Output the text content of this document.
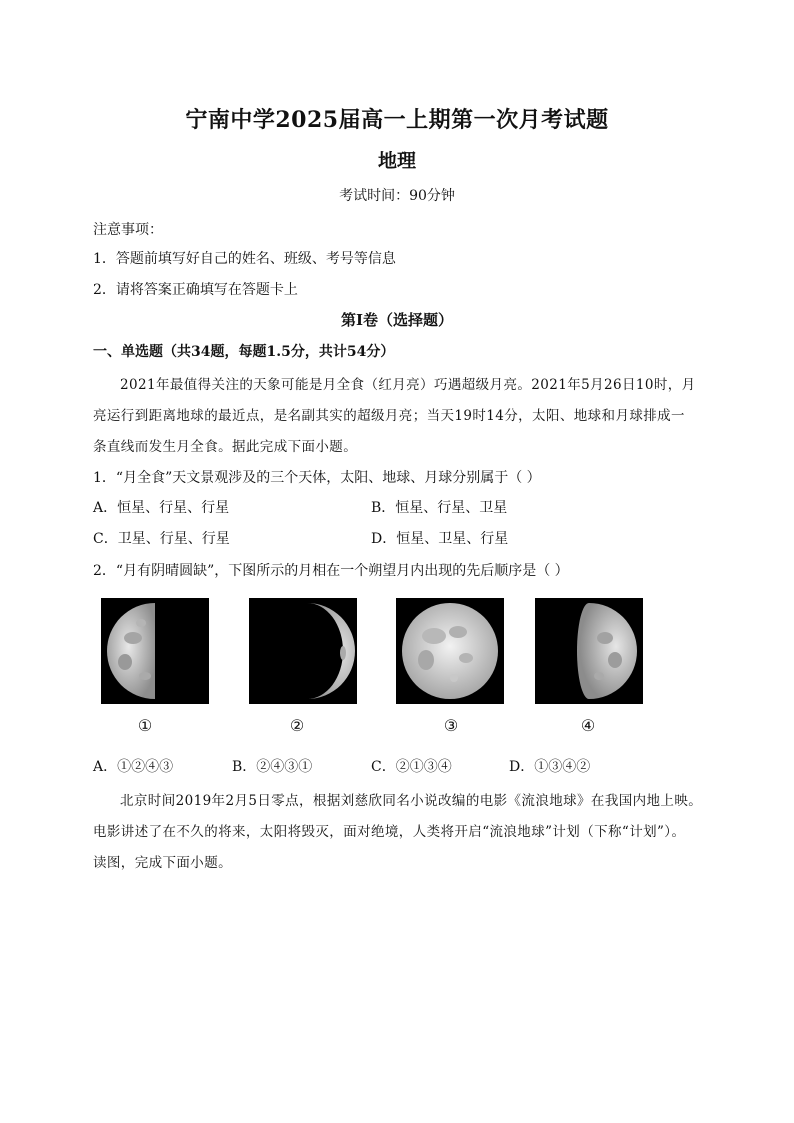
宁南中学2025届高一上期第一次月考试题
地理
考试时间：90分钟
注意事项：
1．答题前填写好自己的姓名、班级、考号等信息
2．请将答案正确填写在答题卡上
第I卷（选择题）
一、单选题（共34题，每题1.5分，共计54分）
2021年最值得关注的天象可能是月全食（红月亮）巧遇超级月亮。2021年5月26日10时，月
亮运行到距离地球的最近点，是名副其实的超级月亮；当天19时14分，太阳、地球和月球排成一
条直线而发生月全食。据此完成下面小题。
1．“月全食”天文景观涉及的三个天体，太阳、地球、月球分别属于（ ）
A．恒星、行星、行星	B．恒星、行星、卫星
C．卫星、行星、行星	D．恒星、卫星、行星
2．“月有阴晴圆缺”，下图所示的月相在一个朔望月内出现的先后顺序是（ ）
①	②	③	④
A．①②④③	B．②④③①	C．②①③④	D．①③④②
北京时间2019年2月5日零点，根据刘慈欣同名小说改编的电影《流浪地球》在我国内地上映。
电影讲述了在不久的将来，太阳将毁灭，面对绝境，人类将开启“流浪地球”计划（下称“计划”）。
读图，完成下面小题。
